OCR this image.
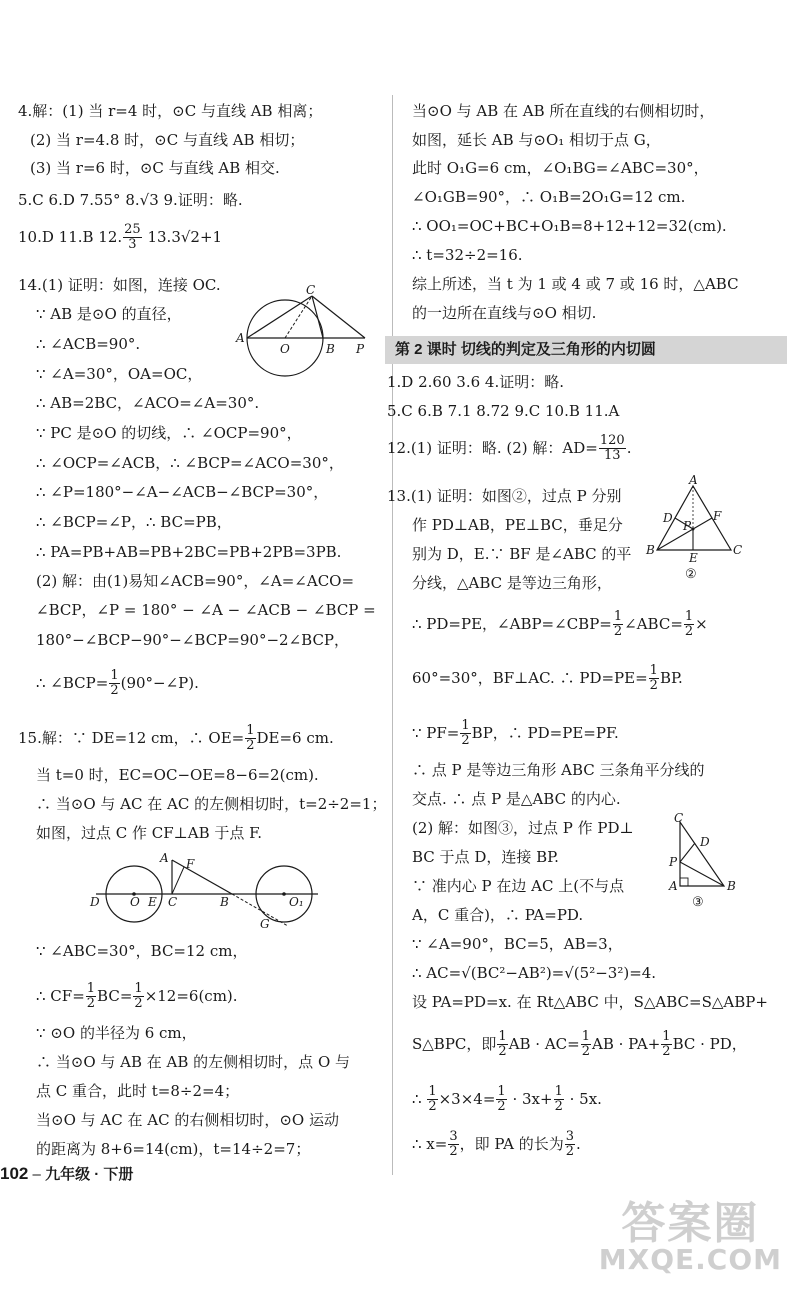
4.解：(1) 当 r=4 时，⊙C 与直线 AB 相离；
(2) 当 r=4.8 时，⊙C 与直线 AB 相切；
(3) 当 r=6 时，⊙C 与直线 AB 相交.
5.C 6.D 7.55° 8.√3 9.证明：略.
10.D 11.B 12. $\frac{25}{3} 13.3√2+1$
14.(1) 证明：如图，连接 OC.
∵ AB 是⊙O 的直径，
∴ ∠ACB=90°.
∵ ∠A=30°，OA=OC，
∴ AB=2BC，∠ACO=∠A=30°.
∵ PC 是⊙O 的切线，∴ ∠OCP=90°，
∴ ∠OCP=∠ACB，∴ ∠BCP=∠ACO=30°，
∴ ∠P=180°−∠A−∠ACB−∠BCP=30°，
∴ ∠BCP=∠P，∴ BC=PB，
∴ PA=PB+AB=PB+2BC=PB+2PB=3PB.
(2) 解：由(1)易知∠ACB=90°，∠A=∠ACO=
∠BCP，∠P = 180° − ∠A − ∠ACB − ∠BCP =
180°−∠BCP−90°−∠BCP=90°−2∠BCP，
∴ ∠BCP= $\frac{1}{2}$ (90°−∠P).
15.解：∵ DE=12 cm，∴ $OE= \frac{1}{2} DE=6$ cm.
当 t=0 时，EC=OC−OE=8−6=2(cm).
∴ 当⊙O 与 AC 在 AC 的左侧相切时，t=2÷2=1；
如图，过点 C 作 CF⊥AB 于点 F.
∵ ∠ABC=30°，BC=12 cm，
∴ $CF= \frac{1}{2} BC= \frac{1}{2} \times 12=6(cm)$.
∵ ⊙O 的半径为 6 cm，
∴ 当⊙O 与 AB 在 AB 的左侧相切时，点 O 与
点 C 重合，此时 t=8÷2=4；
当⊙O 与 AC 在 AC 的右侧相切时，⊙O 运动
的距离为 8+6=14(cm)，t=14÷2=7；
C
A
O	B P
A F
D	O E C	B	O₁
G
当⊙O 与 AB 在 AB 所在直线的右侧相切时，
如图，延长 AB 与⊙O₁ 相切于点 G，
此时 O₁G=6 cm，∠O₁BG=∠ABC=30°，
∠O₁GB=90°，∴ O₁B=2O₁G=12 cm.
∴ OO₁=OC+BC+O₁B=8+12+12=32(cm).
∴ t=32÷2=16.
综上所述，当 t 为 1 或 4 或 7 或 16 时，△ABC
的一边所在直线与⊙O 相切.
第 2 课时 切线的判定及三角形的内切圆
1.D 2.60 3.6 4.证明：略.
5.C 6.B 7.1 8.72 9.C 10.B 11.A
12.(1) 证明：略. (2) 解：$AD= \frac{120}{13}$ .
13.(1) 证明：如图②，过点 P 分别
作 PD⊥AB，PE⊥BC，垂足分
别为 D，E.∵ BF 是∠ABC 的平
分线，△ABC 是等边三角形，
∴ PD=PE，∠ABP=∠CBP= $\frac{1}{2}$ ∠ABC= $\frac{1}{2}$ ×
60°=30°，BF⊥AC. ∴ $PD=PE= \frac{1}{2}$ BP.
∵ $PF= \frac{1}{2}$ BP，∴ PD=PE=PF.
∴ 点 P 是等边三角形 ABC 三条角平分线的
交点. ∴ 点 P 是△ABC 的内心.
(2) 解：如图③，过点 P 作 PD⊥
BC 于点 D，连接 BP.
∵ 准内心 P 在边 AC 上(不与点
A，C 重合)，∴ PA=PD.
∵ ∠A=90°，BC=5，AB=3，
∴ AC=√(BC²−AB²)=√(5²−3²)=4.
设 PA=PD=x. 在 Rt△ABC 中，S△ABC=S△ABP+
S△BPC，即 $\frac{1}{2}$ AB · $AC= \frac{1}{2}$ AB · $PA+ \frac{1}{2}$ BC · PD，
∴ $\frac{1}{2} \times 3\times 4= \frac{1}{2} \cdot 3x+ \frac{1}{2} \cdot 5x$.
∴ $x= \frac{3}{2}$ ，即 PA 的长为 $\frac{3}{2}$ .
A
D	F
P
B
E
C
②
C
D
P
A	B
③
102 – 九年级 · 下册
答案圈
MXQE.COM
